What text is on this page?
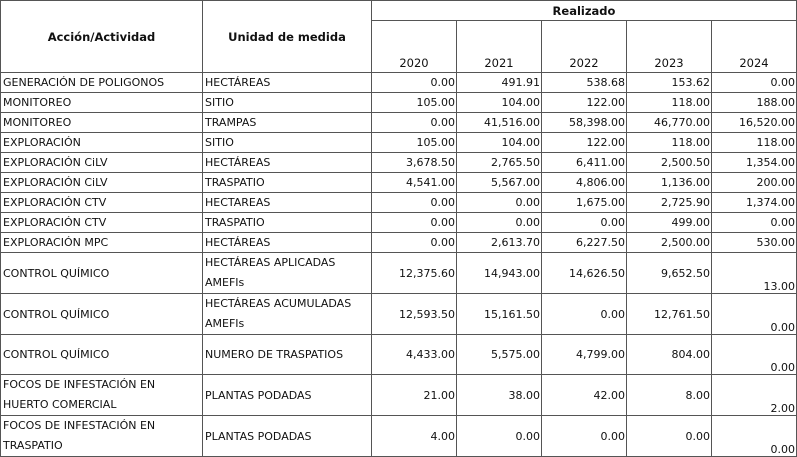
Acción/Actividad	Unidad de medida	Realizado				
		2020	2021	2022	2023	2024
GENERACIÓN DE POLIGONOS	HECTÁREAS	0.00	491.91	538.68	153.62	0.00
MONITOREO	SITIO	105.00	104.00	122.00	118.00	188.00
MONITOREO	TRAMPAS	0.00	41,516.00	58,398.00	46,770.00	16,520.00
EXPLORACIÓN	SITIO	105.00	104.00	122.00	118.00	118.00
EXPLORACIÓN CiLV	HECTÁREAS	3,678.50	2,765.50	6,411.00	2,500.50	1,354.00
EXPLORACIÓN CiLV	TRASPATIO	4,541.00	5,567.00	4,806.00	1,136.00	200.00
EXPLORACIÓN CTV	HECTAREAS	0.00	0.00	1,675.00	2,725.90	1,374.00
EXPLORACIÓN CTV	TRASPATIO	0.00	0.00	0.00	499.00	0.00
EXPLORACIÓN MPC	HECTÁREAS	0.00	2,613.70	6,227.50	2,500.00	530.00
CONTROL QUÍMICO	HECTÁREAS APLICADAS AMEFIs	12,375.60	14,943.00	14,626.50	9,652.50	13.00
CONTROL QUÍMICO	HECTÁREAS ACUMULADAS AMEFIs	12,593.50	15,161.50	0.00	12,761.50	0.00
CONTROL QUÍMICO	NUMERO DE TRASPATIOS	4,433.00	5,575.00	4,799.00	804.00	0.00
FOCOS DE INFESTACIÓN EN HUERTO COMERCIAL	PLANTAS PODADAS	21.00	38.00	42.00	8.00	2.00
FOCOS DE INFESTACIÓN EN TRASPATIO	PLANTAS PODADAS	4.00	0.00	0.00	0.00	0.00
